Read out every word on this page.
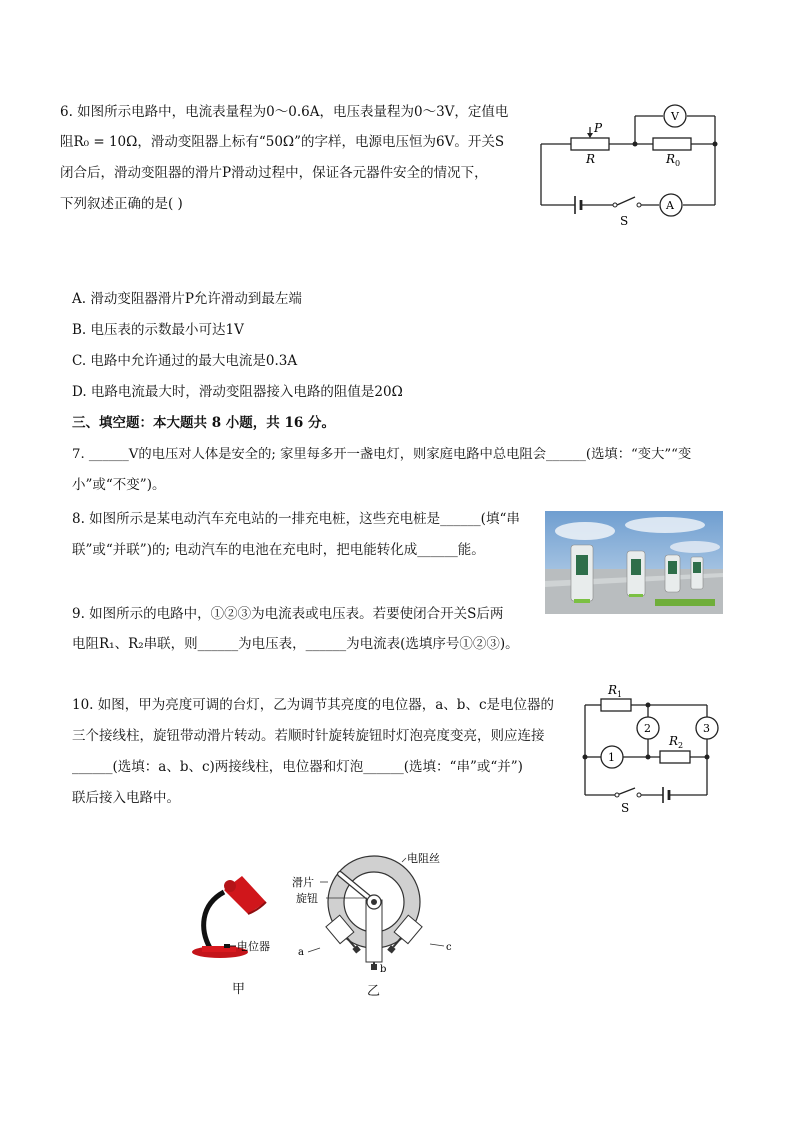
6. 如图所示电路中，电流表量程为0～0.6A，电压表量程为0～3V，定值电
阻R₀ = 10Ω，滑动变阻器上标有“50Ω”的字样，电源电压恒为6V。开关S
闭合后，滑动变阻器的滑片P滑动过程中，保证各元器件安全的情况下，
下列叙述正确的是( )
P
R	R 0
V
A
S
A. 滑动变阻器滑片P允许滑动到最左端
B. 电压表的示数最小可达1V
C. 电路中允许通过的最大电流是0.3A
D. 电路电流最大时，滑动变阻器接入电路的阻值是20Ω
三、填空题：本大题共 8 小题，共 16 分。
7. ______V的电压对人体是安全的; 家里每多开一盏电灯，则家庭电路中总电阻会______(选填：“变大”“变
小”或“不变”)。
8. 如图所示是某电动汽车充电站的一排充电桩，这些充电桩是______(填“串
联”或“并联”)的; 电动汽车的电池在充电时，把电能转化成______能。
9. 如图所示的电路中，①②③为电流表或电压表。若要使闭合开关S后两
电阻R₁、R₂串联，则______为电压表，______为电流表(选填序号①②③)。
10. 如图，甲为亮度可调的台灯，乙为调节其亮度的电位器，a、b、c是电位器的
三个接线柱，旋钮带动滑片转动。若顺时针旋转旋钮时灯泡亮度变亮，则应连接
______(选填：a、b、c)两接线柱，电位器和灯泡______(选填：“串”或“并”)
联后接入电路中。
R 1
R 2
1
2	3
S
电位器
电阻丝
滑片
旋钮
a
b
c
甲	乙
